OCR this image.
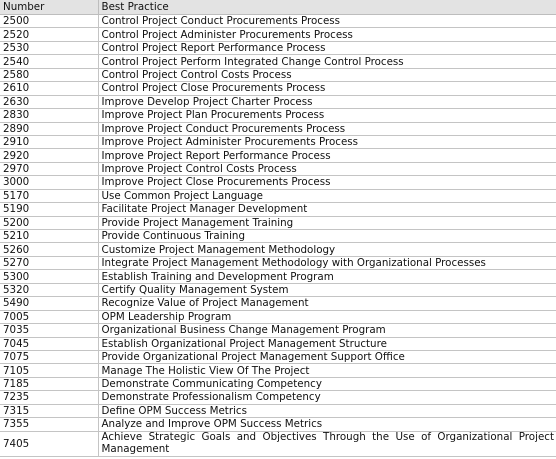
Number	Best Practice
2500	Control Project Conduct Procurements Process
2520	Control Project Administer Procurements Process
2530	Control Project Report Performance Process
2540	Control Project Perform Integrated Change Control Process
2580	Control Project Control Costs Process
2610	Control Project Close Procurements Process
2630	Improve Develop Project Charter Process
2830	Improve Project Plan Procurements Process
2890	Improve Project Conduct Procurements Process
2910	Improve Project Administer Procurements Process
2920	Improve Project Report Performance Process
2970	Improve Project Control Costs Process
3000	Improve Project Close Procurements Process
5170	Use Common Project Language
5190	Facilitate Project Manager Development
5200	Provide Project Management Training
5210	Provide Continuous Training
5260	Customize Project Management Methodology
5270	Integrate Project Management Methodology with Organizational Processes
5300	Establish Training and Development Program
5320	Certify Quality Management System
5490	Recognize Value of Project Management
7005	OPM Leadership Program
7035	Organizational Business Change Management Program
7045	Establish Organizational Project Management Structure
7075	Provide Organizational Project Management Support Office
7105	Manage The Holistic View Of The Project
7185	Demonstrate Communicating Competency
7235	Demonstrate Professionalism Competency
7315	Define OPM Success Metrics
7355	Analyze and Improve OPM Success Metrics
7405	Achieve Strategic Goals and Objectives Through the Use of Organizational Project Management
